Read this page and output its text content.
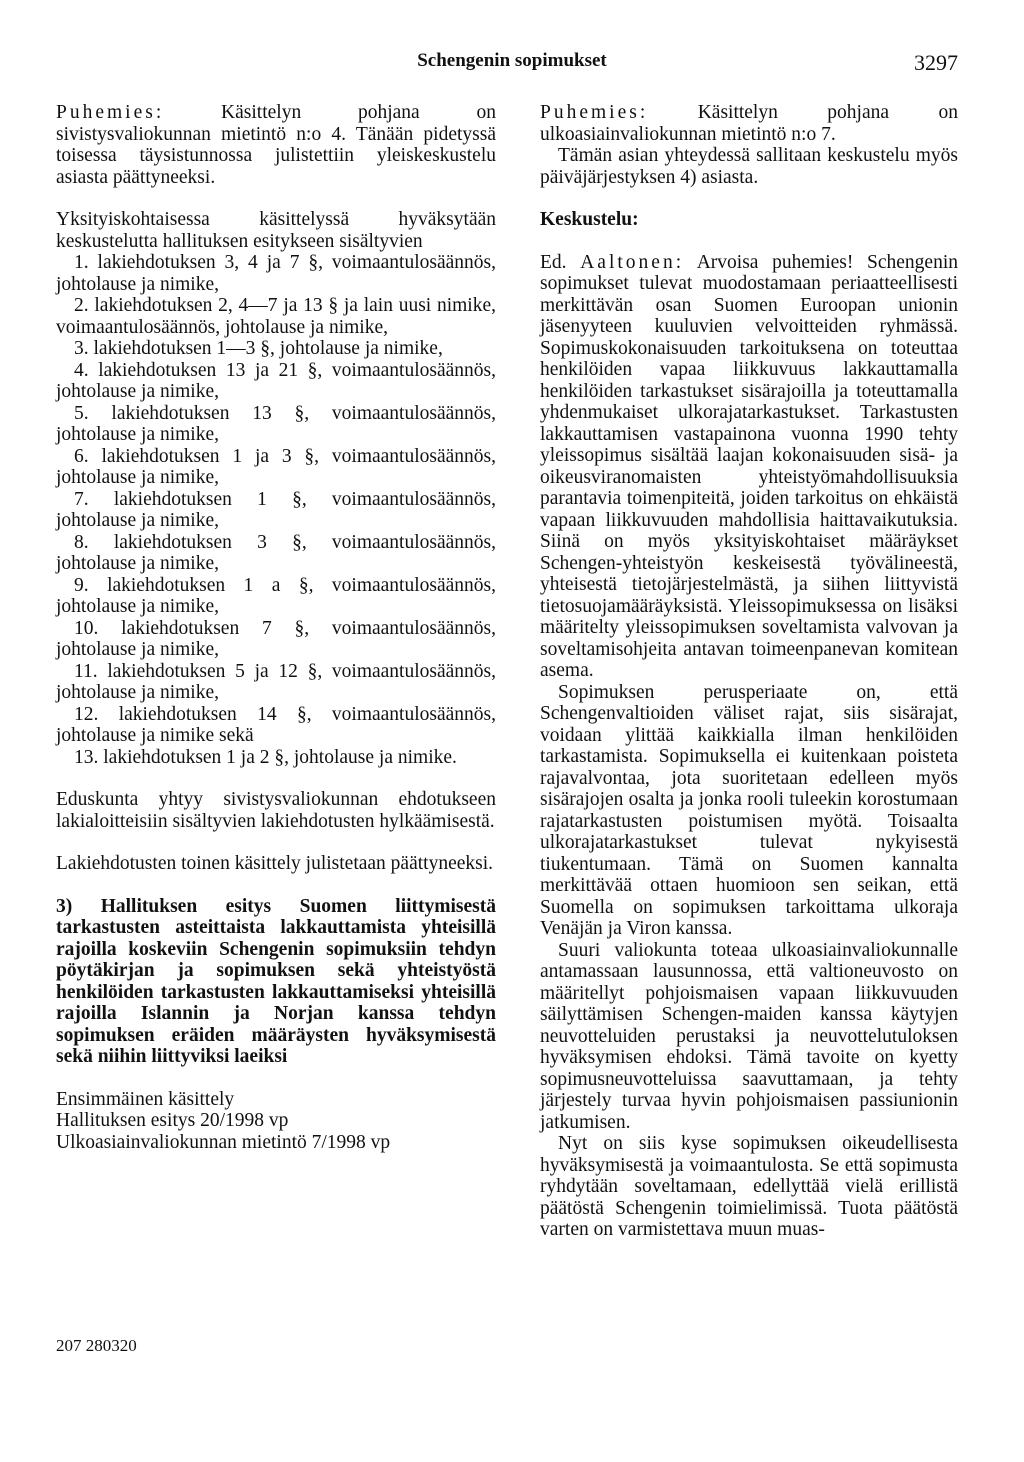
Schengenin sopimukset	3297

Puhemies: Käsittelyn pohjana on sivistysvaliokunnan mietintö n:o 4. Tänään pidetyssä toisessa täysistunnossa julistettiin yleiskeskustelu asiasta päättyneeksi.

Yksityiskohtaisessa käsittelyssä hyväksytään keskustelutta hallituksen esitykseen sisältyvien

1. lakiehdotuksen 3, 4 ja 7 §, voimaantulosäännös, johtolause ja nimike,

2. lakiehdotuksen 2, 4—7 ja 13 § ja lain uusi nimike, voimaantulosäännös, johtolause ja nimike,

3. lakiehdotuksen 1—3 §, johtolause ja nimike,

4. lakiehdotuksen 13 ja 21 §, voimaantulosäännös, johtolause ja nimike,

5. lakiehdotuksen 13 §, voimaantulosäännös, johtolause ja nimike,

6. lakiehdotuksen 1 ja 3 §, voimaantulosäännös, johtolause ja nimike,

7. lakiehdotuksen 1 §, voimaantulosäännös, johtolause ja nimike,

8. lakiehdotuksen 3 §, voimaantulosäännös, johtolause ja nimike,

9. lakiehdotuksen 1 a §, voimaantulosäännös, johtolause ja nimike,

10. lakiehdotuksen 7 §, voimaantulosäännös, johtolause ja nimike,

11. lakiehdotuksen 5 ja 12 §, voimaantulosäännös, johtolause ja nimike,

12. lakiehdotuksen 14 §, voimaantulosäännös, johtolause ja nimike sekä

13. lakiehdotuksen 1 ja 2 §, johtolause ja nimike.

Eduskunta yhtyy sivistysvaliokunnan ehdotukseen lakialoitteisiin sisältyvien lakiehdotusten hylkäämisestä.

Lakiehdotusten toinen käsittely julistetaan päättyneeksi.

3) Hallituksen esitys Suomen liittymisestä tarkastusten asteittaista lakkauttamista yhteisillä rajoilla koskeviin Schengenin sopimuksiin tehdyn pöytäkirjan ja sopimuksen sekä yhteistyöstä henkilöiden tarkastusten lakkauttamiseksi yhteisillä rajoilla Islannin ja Norjan kanssa tehdyn sopimuksen eräiden määräysten hyväksymisestä sekä niihin liittyviksi laeiksi

Ensimmäinen käsittely
Hallituksen esitys 20/1998 vp
Ulkoasiainvaliokunnan mietintö 7/1998 vp

Puhemies: Käsittelyn pohjana on ulkoasiainvaliokunnan mietintö n:o 7.

Tämän asian yhteydessä sallitaan keskustelu myös päiväjärjestyksen 4) asiasta.

Keskustelu:

Ed. Aaltonen: Arvoisa puhemies! Schengenin sopimukset tulevat muodostamaan periaatteellisesti merkittävän osan Suomen Euroopan unionin jäsenyyteen kuuluvien velvoitteiden ryhmässä. Sopimuskokonaisuuden tarkoituksena on toteuttaa henkilöiden vapaa liikkuvuus lakkauttamalla henkilöiden tarkastukset sisärajoilla ja toteuttamalla yhdenmukaiset ulkorajatarkastukset. Tarkastusten lakkauttamisen vastapainona vuonna 1990 tehty yleissopimus sisältää laajan kokonaisuuden sisä- ja oikeusviranomaisten yhteistyömahdollisuuksia parantavia toimenpiteitä, joiden tarkoitus on ehkäistä vapaan liikkuvuuden mahdollisia haittavaikutuksia. Siinä on myös yksityiskohtaiset määräykset Schengen-yhteistyön keskeisestä työvälineestä, yhteisestä tietojärjestelmästä, ja siihen liittyvistä tietosuojamääräyksistä. Yleissopimuksessa on lisäksi määritelty yleissopimuksen soveltamista valvovan ja soveltamisohjeita antavan toimeenpanevan komitean asema.

Sopimuksen perusperiaate on, että Schengenvaltioiden väliset rajat, siis sisärajat, voidaan ylittää kaikkialla ilman henkilöiden tarkastamista. Sopimuksella ei kuitenkaan poisteta rajavalvontaa, jota suoritetaan edelleen myös sisärajojen osalta ja jonka rooli tuleekin korostumaan rajatarkastusten poistumisen myötä. Toisaalta ulkorajatarkastukset tulevat nykyisestä tiukentumaan. Tämä on Suomen kannalta merkittävää ottaen huomioon sen seikan, että Suomella on sopimuksen tarkoittama ulkoraja Venäjän ja Viron kanssa.

Suuri valiokunta toteaa ulkoasiainvaliokunnalle antamassaan lausunnossa, että valtioneuvosto on määritellyt pohjoismaisen vapaan liikkuvuuden säilyttämisen Schengen-maiden kanssa käytyjen neuvotteluiden perustaksi ja neuvottelutuloksen hyväksymisen ehdoksi. Tämä tavoite on kyetty sopimusneuvotteluissa saavuttamaan, ja tehty järjestely turvaa hyvin pohjoismaisen passiunionin jatkumisen.

Nyt on siis kyse sopimuksen oikeudellisesta hyväksymisestä ja voimaantulosta. Se että sopimusta ryhdytään soveltamaan, edellyttää vielä erillistä päätöstä Schengenin toimielimissä. Tuota päätöstä varten on varmistettava muun muas-

207 280320
